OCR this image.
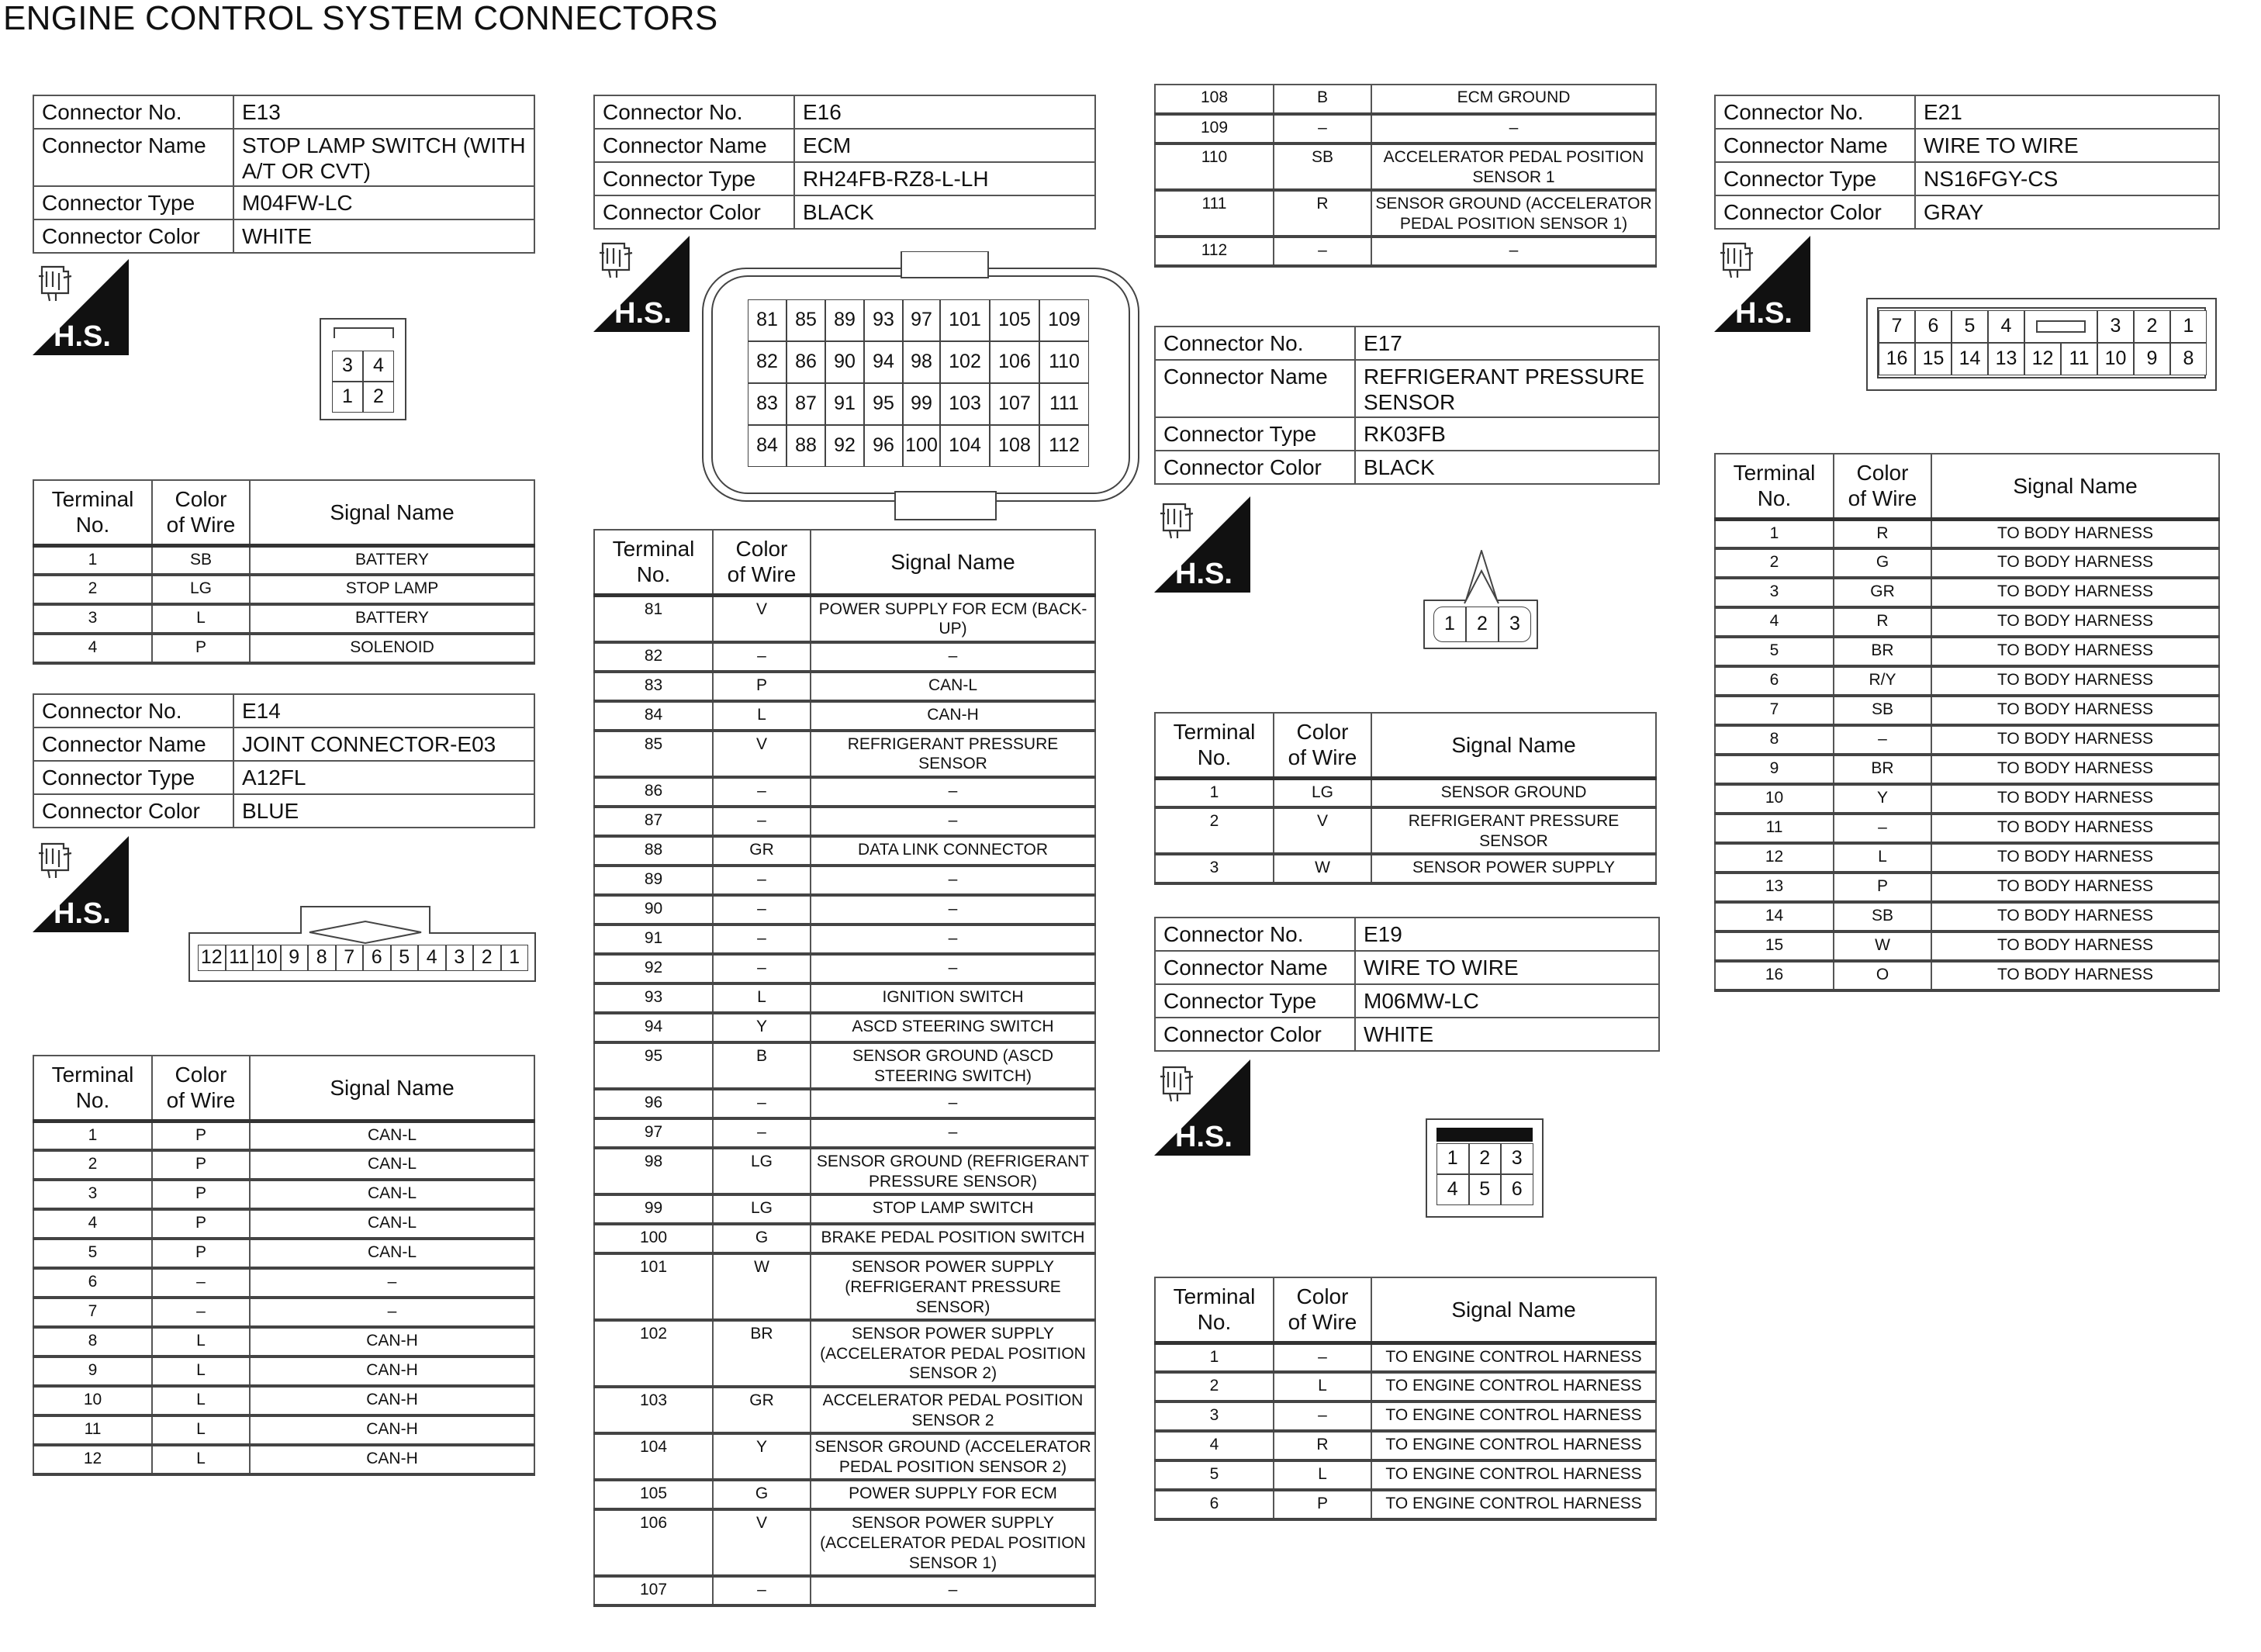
ENGINE CONTROL SYSTEM CONNECTORS
Connector No.	E13
Connector Name	STOP LAMP SWITCH (WITH A/T OR CVT)
Connector Type	M04FW-LC
Connector Color	WHITE
Connector No.	E14
Connector Name	JOINT CONNECTOR-E03
Connector Type	A12FL
Connector Color	BLUE
Connector No.	E16
Connector Name	ECM
Connector Type	RH24FB-RZ8-L-LH
Connector Color	BLACK
Connector No.	E17
Connector Name	REFRIGERANT PRESSURE SENSOR
Connector Type	RK03FB
Connector Color	BLACK
Connector No.	E19
Connector Name	WIRE TO WIRE
Connector Type	M06MW-LC
Connector Color	WHITE
Connector No.	E21
Connector Name	WIRE TO WIRE
Connector Type	NS16FGY-CS
Connector Color	GRAY
H.S.
H.S.
H.S.
H.S.
H.S.
H.S.
3	4
1	2
12 11 10 9 8 7 6 5 4 3 2 1
81 85 89 93 97 101 105 109
82 86 90 94 98 102 106 110
83 87 91 95 99 103 107 111
84 88 92 96 100 104 108 112
1	2	3
1	2	3
4	5	6
7	6	5	4	3	2	1
16 15 14 13 12 11 10	9	8
Terminal No.	Color of Wire	Signal Name
1	SB	BATTERY
2	LG	STOP LAMP
3	L	BATTERY
4	P	SOLENOID
Terminal No.	Color of Wire	Signal Name
1	P	CAN-L
2	P	CAN-L
3	P	CAN-L
4	P	CAN-L
5	P	CAN-L
6	–	–
7	–	–
8	L	CAN-H
9	L	CAN-H
10	L	CAN-H
11	L	CAN-H
12	L	CAN-H
Terminal No.	Color of Wire	Signal Name
81	V	POWER SUPPLY FOR ECM (BACK-UP)
82	–	–
83	P	CAN-L
84	L	CAN-H
85	V	REFRIGERANT PRESSURE SENSOR
86	–	–
87	–	–
88	GR	DATA LINK CONNECTOR
89	–	–
90	–	–
91	–	–
92	–	–
93	L	IGNITION SWITCH
94	Y	ASCD STEERING SWITCH
95	B	SENSOR GROUND (ASCD STEERING SWITCH)
96	–	–
97	–	–
98	LG	SENSOR GROUND (REFRIGERANT PRESSURE SENSOR)
99	LG	STOP LAMP SWITCH
100	G	BRAKE PEDAL POSITION SWITCH
101	W	SENSOR POWER SUPPLY (REFRIGERANT PRESSURE SENSOR)
102	BR	SENSOR POWER SUPPLY (ACCELERATOR PEDAL POSITION SENSOR 2)
103	GR	ACCELERATOR PEDAL POSITION SENSOR 2
104	Y	SENSOR GROUND (ACCELERATOR PEDAL POSITION SENSOR 2)
105	G	POWER SUPPLY FOR ECM
106	V	SENSOR POWER SUPPLY (ACCELERATOR PEDAL POSITION SENSOR 1)
107	–	–
108	B	ECM GROUND
109	–	–
110	SB	ACCELERATOR PEDAL POSITION SENSOR 1
111	R	SENSOR GROUND (ACCELERATOR PEDAL POSITION SENSOR 1)
112	–	–
Terminal No.	Color of Wire	Signal Name
1	LG	SENSOR GROUND
2	V	REFRIGERANT PRESSURE SENSOR
3	W	SENSOR POWER SUPPLY
Terminal No.	Color of Wire	Signal Name
1	–	TO ENGINE CONTROL HARNESS
2	L	TO ENGINE CONTROL HARNESS
3	–	TO ENGINE CONTROL HARNESS
4	R	TO ENGINE CONTROL HARNESS
5	L	TO ENGINE CONTROL HARNESS
6	P	TO ENGINE CONTROL HARNESS
Terminal No.	Color of Wire	Signal Name
1	R	TO BODY HARNESS
2	G	TO BODY HARNESS
3	GR	TO BODY HARNESS
4	R	TO BODY HARNESS
5	BR	TO BODY HARNESS
6	R/Y	TO BODY HARNESS
7	SB	TO BODY HARNESS
8	–	TO BODY HARNESS
9	BR	TO BODY HARNESS
10	Y	TO BODY HARNESS
11	–	TO BODY HARNESS
12	L	TO BODY HARNESS
13	P	TO BODY HARNESS
14	SB	TO BODY HARNESS
15	W	TO BODY HARNESS
16	O	TO BODY HARNESS
